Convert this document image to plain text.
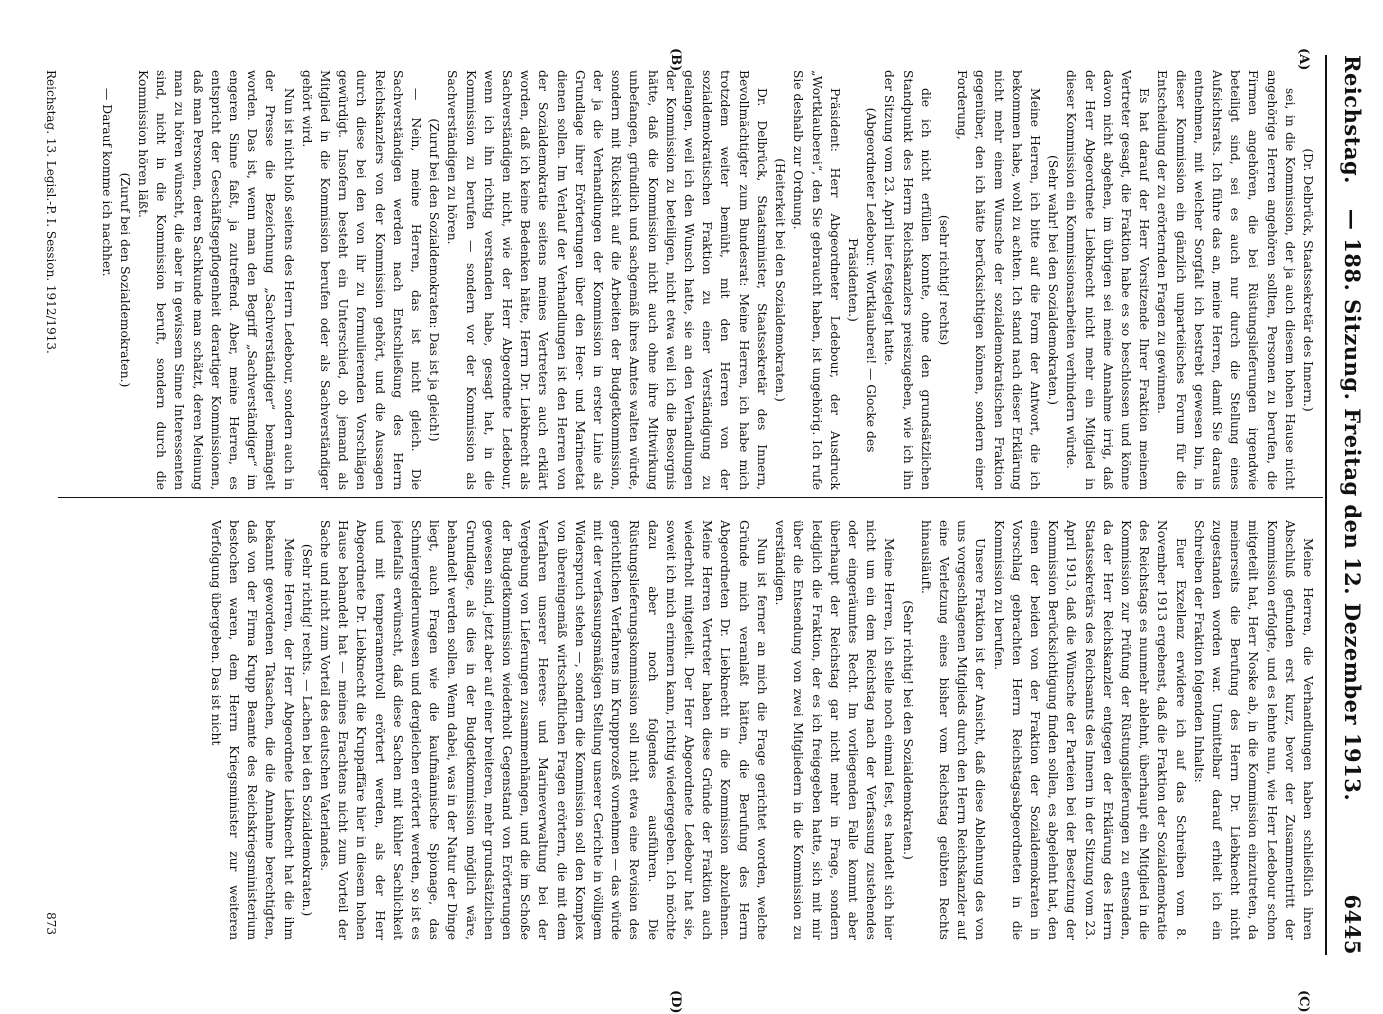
Reichstag.
— 188. Sitzung. Freitag den 12. Dezember 1913.
6445
(A)
(B)
(C)
(D)

(Dr. Delbrück, Staatssekretär des Innern.)

sei, in die Kommission, der ja auch diesem hohen Hause nicht angehörige Herren angehören sollten, Personen zu berufen, die Firmen angehören, die bei Rüstungslieferungen irgendwie beteiligt sind, sei es auch nur durch die Stellung eines Aufsichtsrats. Ich führe das an, meine Herren, damit Sie daraus entnehmen, mit welcher Sorgfalt ich bestrebt gewesen bin, in dieser Kommission ein gänzlich unparteiisches Forum für die Entscheidung der zu erörternden Fragen zu gewinnen.

Es hat darauf der Herr Vorsitzende Ihrer Fraktion meinem Vertreter gesagt, die Fraktion habe es so beschlossen und könne davon nicht abgehen, im übrigen sei meine Annahme irrig, daß der Herr Abgeordnete Liebknecht nicht mehr ein Mitglied in dieser Kommission ein Kommissionsarbeiten verhindern würde.

(Sehr wahr! bei den Sozialdemokraten.)

Meine Herren, ich bitte auf die Form der Antwort, die ich bekommen habe, wohl zu achten. Ich stand nach dieser Erklärung nicht mehr einem Wunsche der sozialdemokratischen Fraktion gegenüber, den ich hätte berücksichtigen können, sondern einer Forderung,

(sehr richtig! rechts)

die ich nicht erfüllen konnte, ohne den grundsätzlichen Standpunkt des Herrn Reichskanzlers preiszugeben, wie ich ihn der Sitzung vom 23. April hier festgelegt hatte.

(Abgeordneter Ledebour: Wortklauberei! — Glocke des Präsidenten.)

Präsident: Herr Abgeordneter Ledebour, der Ausdruck „Wortklauberei“, den Sie gebraucht haben, ist ungehörig. Ich rufe Sie deshalb zur Ordnung.

(Heiterkeit bei den Sozialdemokraten.)

Dr. Delbrück, Staatsminister, Staatssekretär des Innern, Bevollmächtigter zum Bundesrat: Meine Herren, ich habe mich trotzdem weiter bemüht, mit den Herren von der sozialdemokratischen Fraktion zu einer Verständigung zu gelangen, weil ich den Wunsch hatte, sie an den Verhandlungen der Kommission zu beteiligen, nicht etwa weil ich die Besorgnis hätte, daß die Kommission nicht auch ohne ihre Mitwirkung unbefangen, gründlich und sachgemäß ihres Amtes walten würde, sondern mit Rücksicht auf die Arbeiten der Budgetkommission, der ja die Verhandlungen der Kommission in erster Linie als Grundlage ihrer Erörterungen über den Heer- und Marineetat dienen sollen. Im Verlauf der Verhandlungen ist den Herren von der Sozialdemokratie seitens meines Vertreters auch erklärt worden, daß ich keine Bedenken hätte, Herrn Dr. Liebknecht als Sachverständigen nicht, wie der Herr Abgeordnete Ledebour, wenn ich ihn richtig verstanden habe, gesagt hat, in die Kommission zu berufen — sondern vor der Kommission als Sachverständigen zu hören.

(Zuruf bei den Sozialdemokraten: Das ist ja gleich!)

— Nein, meine Herren, das ist nicht gleich. Die Sachverständigen werden nach Entschließung des Herrn Reichskanzlers von der Kommission gehört, und die Aussagen durch diese bei den von ihr zu formulierenden Vorschlägen gewürdigt. Insofern besteht ein Unterschied, ob jemand als Mitglied in die Kommission berufen oder als Sachverständiger gehört wird.

Nun ist nicht bloß seitens des Herrn Ledebour, sondern auch in der Presse die Bezeichnung „Sachverständiger“ bemängelt worden. Das ist, wenn man den Begriff „Sachverständiger“ im engeren Sinne faßt, ja zutreffend. Aber, meine Herren, es entspricht der Geschäftsgepflogenheit derartiger Kommissionen, daß man Personen, deren Sachkunde man schätzt, deren Meinung man zu hören wünscht, die aber in gewissem Sinne Interessenten sind, nicht in die Kommission beruft, sondern durch die Kommission hören läßt.

(Zuruf bei den Sozialdemokraten.)

— Darauf komme ich nachher.

Meine Herren, die Verhandlungen haben schließlich ihren Abschluß gefunden erst kurz, bevor der Zusammentritt der Kommission erfolgte, und es lehnte nun, wie Herr Ledebour schon mitgeteilt hat, Herr Noske ab, in die Kommission einzutreten, da meinerseits die Berufung des Herrn Dr. Liebknecht nicht zugestanden worden war. Unmittelbar darauf erhielt ich ein Schreiben der Fraktion folgenden Inhalts:

Euer Exzellenz erwidere ich auf das Schreiben vom 8. November 1913 ergebenst, daß die Fraktion der Sozialdemokratie des Reichstags es nunmehr ablehnt, überhaupt ein Mitglied in die Kommission zur Prüfung der Rüstungslieferungen zu entsenden, da der Herr Reichskanzler entgegen der Erklärung des Herrn Staatssekretärs des Reichsamts des Innern in der Sitzung vom 23. April 1913, daß die Wünsche der Parteien bei der Besetzung der Kommission Berücksichtigung finden sollen, es abgelehnt hat, den einen der beiden von der Fraktion der Sozialdemokraten in Vorschlag gebrachten Herrn Reichstagsabgeordneten in die Kommission zu berufen.

Unsere Fraktion ist der Ansicht, daß diese Ablehnung des von uns vorgeschlagenen Mitglieds durch den Herrn Reichskanzler auf eine Verletzung eines bisher vom Reichstag geübten Rechts hinausläuft.

(Sehr richtig! bei den Sozialdemokraten.)

Meine Herren, ich stelle noch einmal fest, es handelt sich hier nicht um ein dem Reichstag nach der Verfassung zustehendes oder eingeräumtes Recht. Im vorliegenden Falle kommt aber überhaupt der Reichstag gar nicht mehr in Frage, sondern lediglich die Fraktion, der es ich freigegeben hatte, sich mit mir über die Entsendung von zwei Mitgliedern in die Kommission zu verständigen.

Nun ist ferner an mich die Frage gerichtet worden, welche Gründe mich veranlaßt hätten, die Berufung des Herrn Abgeordneten Dr. Liebknecht in die Kommission abzulehnen. Meine Herren Vertreter haben diese Gründe der Fraktion auch wiederholt mitgeteilt. Der Herr Abgeordnete Ledebour hat sie, soweit ich mich erinnern kann, richtig wiedergegeben. Ich möchte dazu aber noch folgendes ausführen. Die Rüstungslieferungskommission soll nicht etwa eine Revision des gerichtlichen Verfahrens im Kruppprozeß vornehmen — das würde mit der verfassungsmäßigen Stellung unserer Gerichte in völligem Widerspruch stehen —, sondern die Kommission soll den Komplex von übereingemäß wirtschaftlichen Fragen erörtern, die mit dem Verfahren unserer Heeres- und Marineverwaltung bei der Vergebung von Lieferungen zusammenhängen, und die im Schoße der Budgetkommission wiederholt Gegenstand von Erörterungen gewesen sind, jetzt aber auf einer breiteren, mehr grundsätzlichen Grundlage, als dies in der Budgetkommission möglich wäre, behandelt werden sollen. Wenn dabei, was in der Natur der Dinge liegt, auch Fragen wie die kaufmännische Spionage, das Schmiergelderunwesen und dergleichen erörtert werden, so ist es jedenfalls erwünscht, daß diese Sachen mit kühler Sachlichkeit und mit temperamentvoll erörtert werden, als der Herr Abgeordnete Dr. Liebknecht die Kruppaffäre hier in diesem hohen Hause behandelt hat — meines Erachtens nicht zum Vorteil der Sache und nicht zum Vorteil des deutschen Vaterlandes.

(Sehr richtig! rechts. — Lachen bei den Sozialdemokraten.)

Meine Herren, der Herr Abgeordnete Liebknecht hat die ihm bekannt gewordenen Tatsachen, die die Annahme berechtigten, daß von der Firma Krupp Beamte des Reichskriegsministerium bestochen waren, dem Herrn Kriegsminister zur weiteren Verfolgung übergeben. Das ist nicht

Reichstag. 13. Legisl.-P. I. Session. 1912/1913.
873
